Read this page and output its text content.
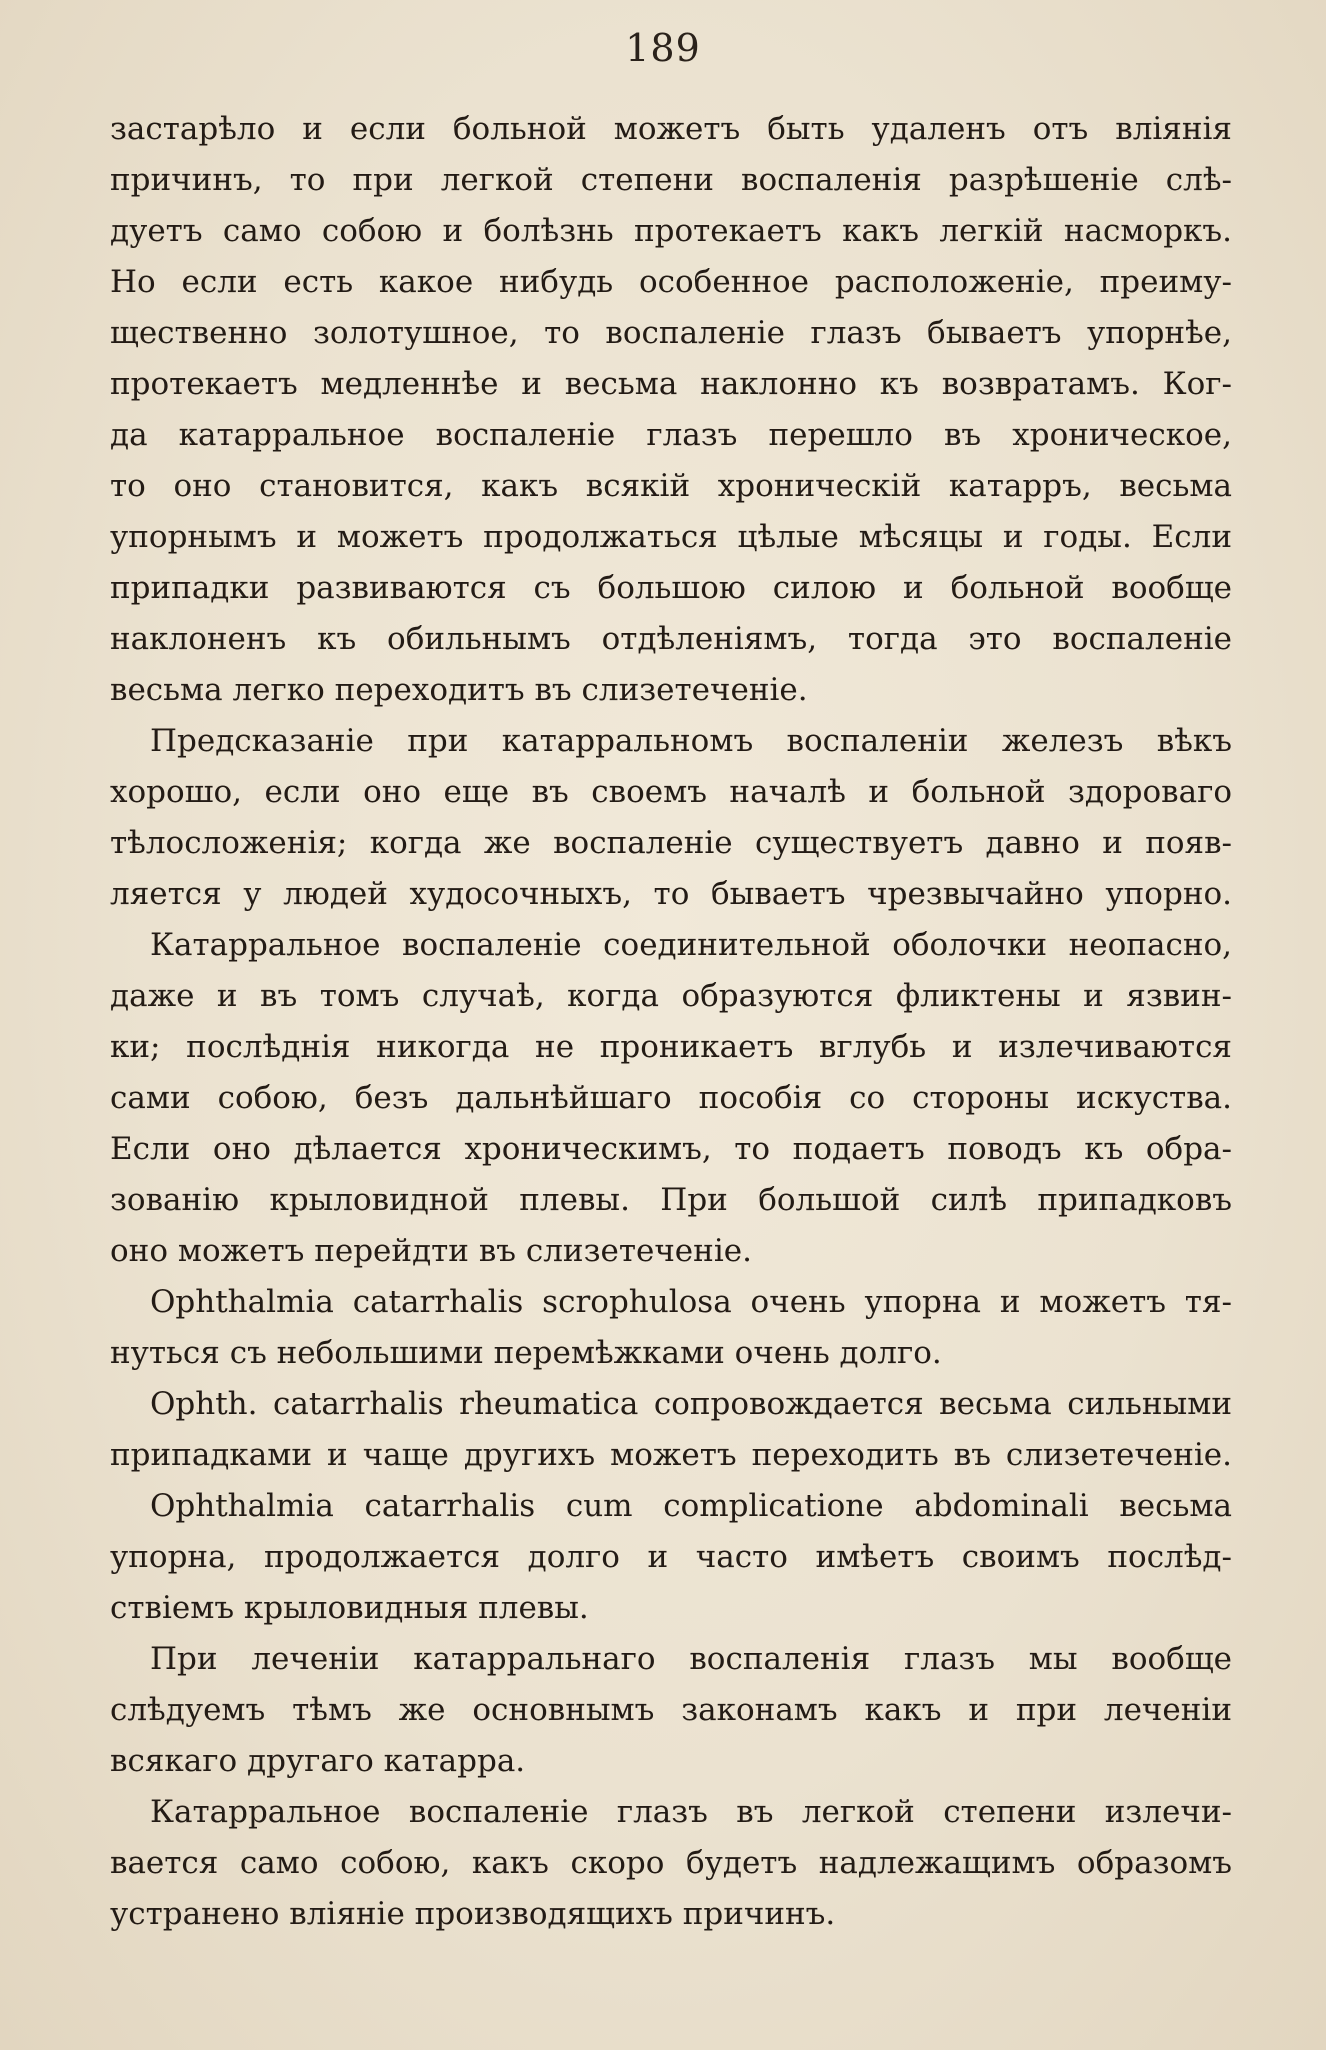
189
застарѣло и если больной можетъ быть удаленъ отъ вліянія
причинъ, то при легкой степени воспаленія разрѣшеніе слѣ-
дуетъ само собою и болѣзнь протекаетъ какъ легкій насморкъ.
Но если есть какое нибудь особенное расположеніе, преиму-
щественно золотушное, то воспаленіе глазъ бываетъ упорнѣе,
протекаетъ медленнѣе и весьма наклонно къ возвратамъ. Ког-
да катарральное воспаленіе глазъ перешло въ хроническое,
то оно становится, какъ всякій хроническій катарръ, весьма
упорнымъ и можетъ продолжаться цѣлые мѣсяцы и годы. Если
припадки развиваются съ большою силою и больной вообще
наклоненъ къ обильнымъ отдѣленіямъ, тогда это воспаленіе
весьма легко переходитъ въ слизетеченіе.
Предсказаніе при катарральномъ воспаленіи железъ вѣкъ
хорошо, если оно еще въ своемъ началѣ и больной здороваго
тѣлосложенія; когда же воспаленіе существуетъ давно и появ-
ляется у людей худосочныхъ, то бываетъ чрезвычайно упорно.
Катарральное воспаленіе соединительной оболочки неопасно,
даже и въ томъ случаѣ, когда образуются фликтены и язвин-
ки; послѣднія никогда не проникаетъ вглубь и излечиваются
сами собою, безъ дальнѣйшаго пособія со стороны искуства.
Если оно дѣлается хроническимъ, то подаетъ поводъ къ обра-
зованію крыловидной плевы. При большой силѣ припадковъ
оно можетъ перейдти въ слизетеченіе.
Ophthalmia catarrhalis scrophulosa очень упорна и можетъ тя-
нуться съ небольшими перемѣжками очень долго.
Ophth. catarrhalis rheumatica сопровождается весьма сильными
припадками и чаще другихъ можетъ переходить въ слизетеченіе.
Ophthalmia catarrhalis cum complicatione abdominali весьма
упорна, продолжается долго и часто имѣетъ своимъ послѣд-
ствіемъ крыловидныя плевы.
При леченіи катарральнаго воспаленія глазъ мы вообще
слѣдуемъ тѣмъ же основнымъ законамъ какъ и при леченіи
всякаго другаго катарра.
Катарральное воспаленіе глазъ въ легкой степени излечи-
вается само собою, какъ скоро будетъ надлежащимъ образомъ
устранено вліяніе производящихъ причинъ.
